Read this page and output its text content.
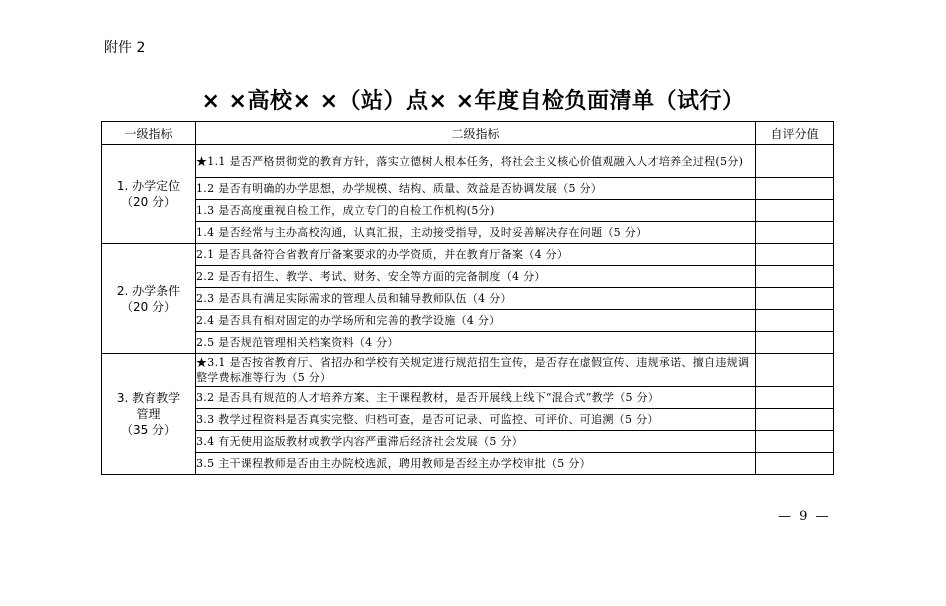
附件 2
× ×高校× ×（站）点× ×年度自检负面清单（试行）
一级指标	二级指标	自评分值

1. 办学定位
（20 分）	★1.1 是否严格贯彻党的教育方针，落实立德树人根本任务，将社会主义核心价值观融入人才培养全过程(5分)	
	1.2 是否有明确的办学思想，办学规模、结构、质量、效益是否协调发展（5 分）	
	1.3 是否高度重视自检工作，成立专门的自检工作机构(5分)	
	1.4 是否经常与主办高校沟通，认真汇报，主动接受指导，及时妥善解决存在问题（5 分）	

2. 办学条件
（20 分）	2.1 是否具备符合省教育厅备案要求的办学资质，并在教育厅备案（4 分）	
	2.2 是否有招生、教学、考试、财务、安全等方面的完备制度（4 分）	
	2.3 是否具有满足实际需求的管理人员和辅导教师队伍（4 分）	
	2.4 是否具有相对固定的办学场所和完善的教学设施（4 分）	
	2.5 是否规范管理相关档案资料（4 分）	

3. 教育教学
管理
（35 分）	★3.1 是否按省教育厅、省招办和学校有关规定进行规范招生宣传，是否存在虚假宣传、违规承诺、擅自违规调整学费标准等行为（5 分）	
	3.2 是否具有规范的人才培养方案、主干课程教材，是否开展线上线下“混合式”教学（5 分）	
	3.3 教学过程资料是否真实完整、归档可查，是否可记录、可监控、可评价、可追溯（5 分）	
	3.4 有无使用盗版教材或教学内容严重滞后经济社会发展（5 分）	
	3.5 主干课程教师是否由主办院校选派，聘用教师是否经主办学校审批（5 分）	
— 9 —
